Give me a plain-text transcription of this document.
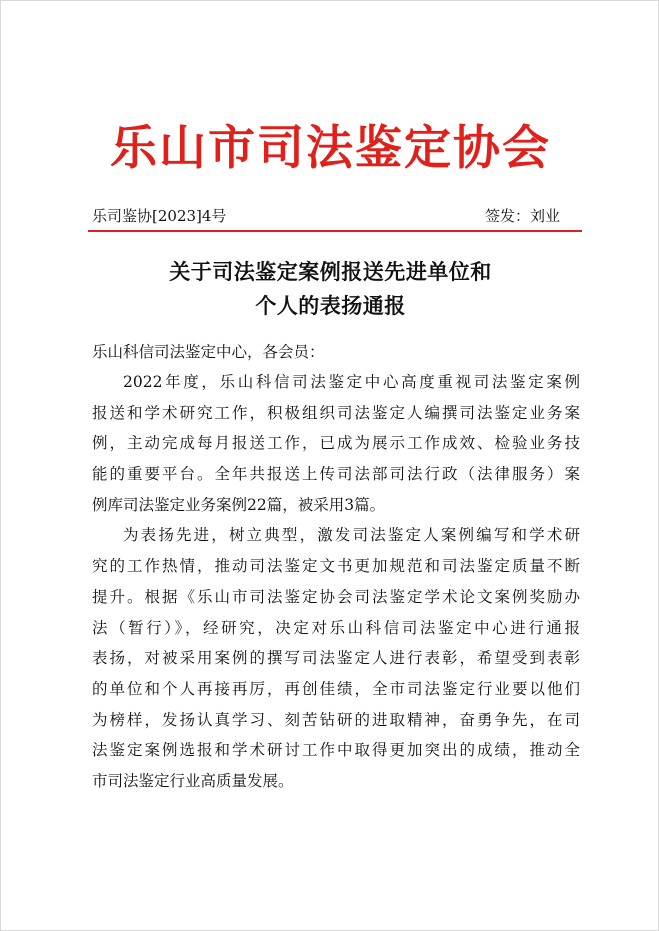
乐山市司法鉴定协会
乐司鉴协[2023]4号	签发：刘业
关于司法鉴定案例报送先进单位和
个人的表扬通报
乐山科信司法鉴定中心，各会员：
2022年度，乐山科信司法鉴定中心高度重视司法鉴定案例
报送和学术研究工作，积极组织司法鉴定人编撰司法鉴定业务案
例，主动完成每月报送工作，已成为展示工作成效、检验业务技
能的重要平台。全年共报送上传司法部司法行政（法律服务）案
例库司法鉴定业务案例22篇，被采用3篇。
为表扬先进，树立典型，激发司法鉴定人案例编写和学术研
究的工作热情，推动司法鉴定文书更加规范和司法鉴定质量不断
提升。根据《乐山市司法鉴定协会司法鉴定学术论文案例奖励办
法（暂行）》，经研究，决定对乐山科信司法鉴定中心进行通报
表扬，对被采用案例的撰写司法鉴定人进行表彰，希望受到表彰
的单位和个人再接再厉，再创佳绩，全市司法鉴定行业要以他们
为榜样，发扬认真学习、刻苦钻研的进取精神，奋勇争先，在司
法鉴定案例选报和学术研讨工作中取得更加突出的成绩，推动全
市司法鉴定行业高质量发展。
